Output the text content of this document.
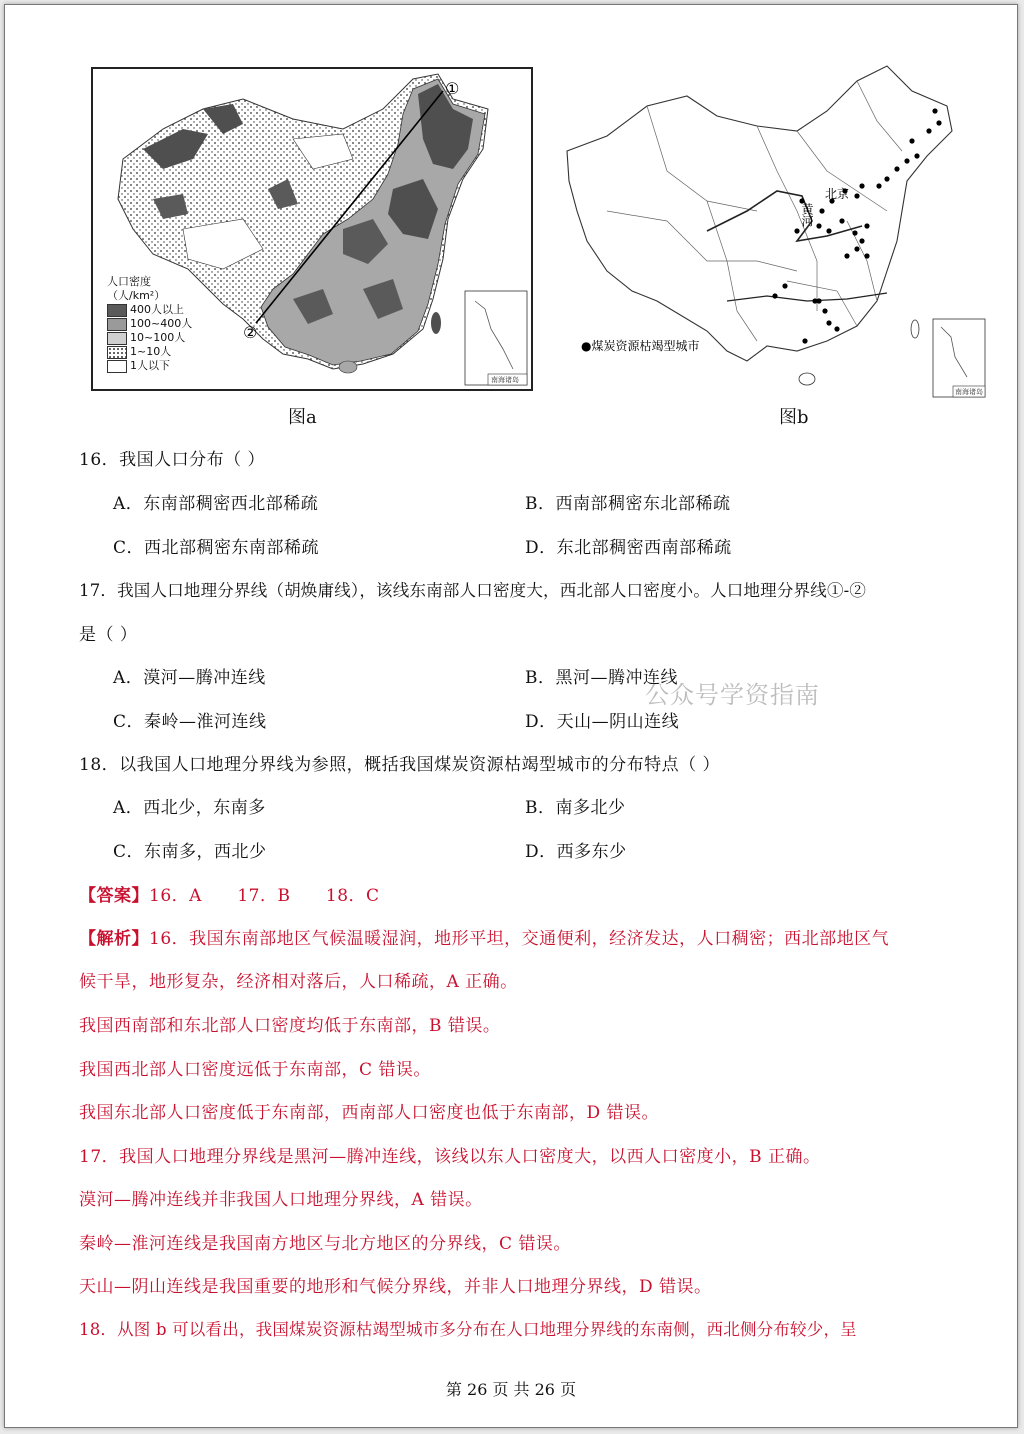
①
②
南海诸岛
人口密度
（人/km²）
400人以上
100~400人
10~100人
1~10人
1人以下
图a
北京
黄河
●煤炭资源枯竭型城市
南海诸岛
图b
16．我国人口分布（ ）
A．东南部稠密西北部稀疏	B．西南部稠密东北部稀疏
C．西北部稠密东南部稀疏	D．东北部稠密西南部稀疏
17．我国人口地理分界线（胡焕庸线），该线东南部人口密度大，西北部人口密度小。人口地理分界线①-②
是（ ）
A．漠河—腾冲连线	B．黑河—腾冲连线
C．秦岭—淮河连线	D．天山—阴山连线
公众号学资指南
18．以我国人口地理分界线为参照，概括我国煤炭资源枯竭型城市的分布特点（ ）
A．西北少，东南多	B．南多北少
C．东南多，西北少	D．西多东少
【答案】16．A      17．B      18．C
【解析】16．我国东南部地区气候温暖湿润，地形平坦，交通便利，经济发达，人口稠密；西北部地区气
候干旱，地形复杂，经济相对落后，人口稀疏，A 正确。
我国西南部和东北部人口密度均低于东南部，B 错误。
我国西北部人口密度远低于东南部，C 错误。
我国东北部人口密度低于东南部，西南部人口密度也低于东南部，D 错误。
17．我国人口地理分界线是黑河—腾冲连线，该线以东人口密度大，以西人口密度小，B 正确。
漠河—腾冲连线并非我国人口地理分界线，A 错误。
秦岭—淮河连线是我国南方地区与北方地区的分界线，C 错误。
天山—阴山连线是我国重要的地形和气候分界线，并非人口地理分界线，D 错误。
18．从图 b 可以看出，我国煤炭资源枯竭型城市多分布在人口地理分界线的东南侧，西北侧分布较少，呈
第 26 页 共 26 页
